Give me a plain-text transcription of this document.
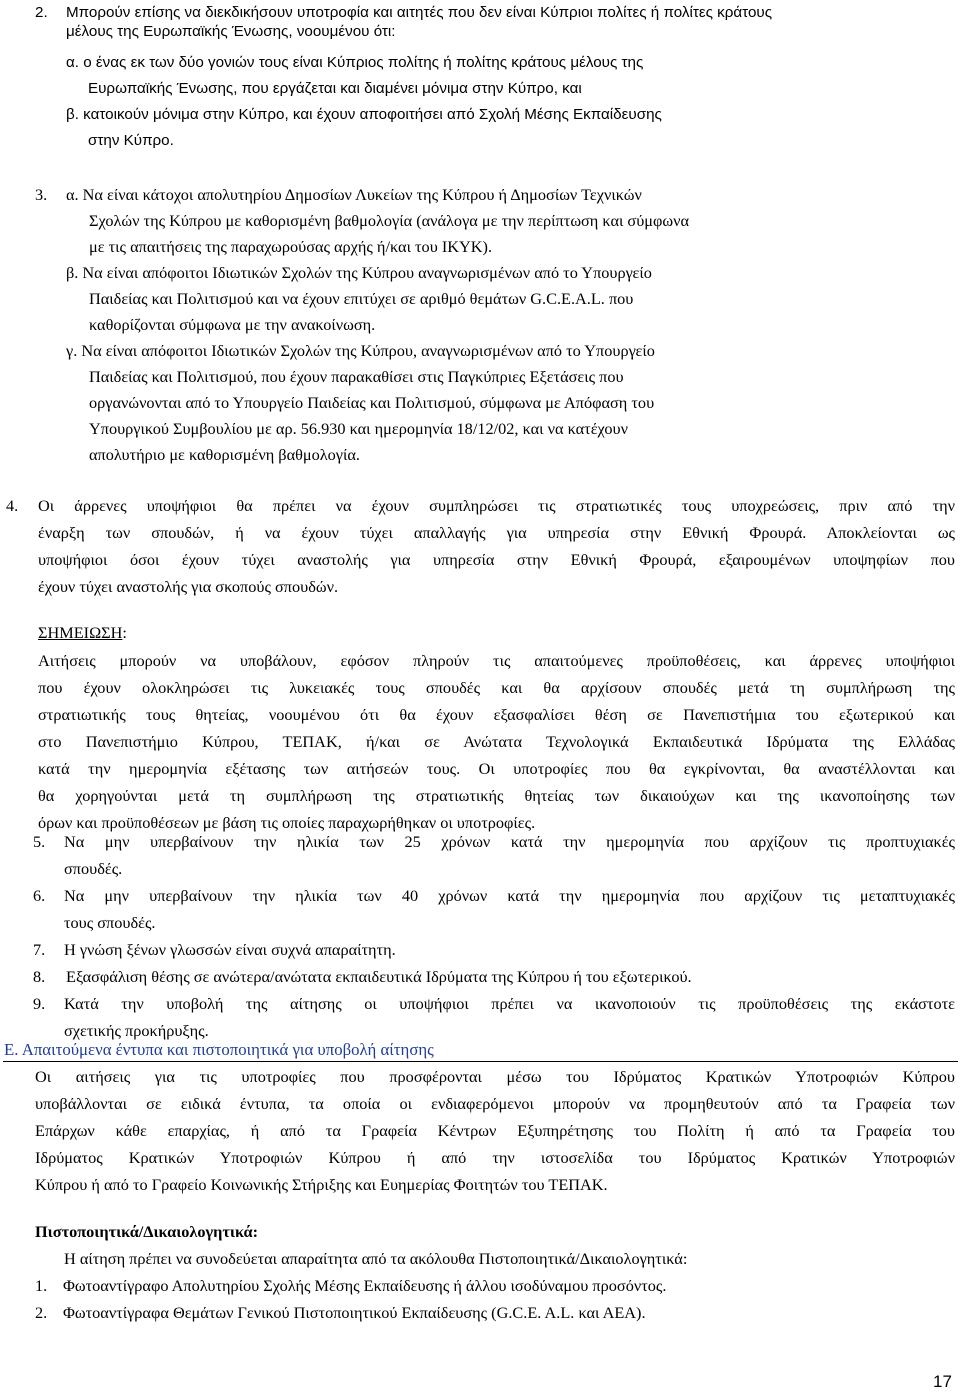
2. Μπορούν επίσης να διεκδικήσουν υποτροφία και αιτητές που δεν είναι Κύπριοι πολίτες ή πολίτες κράτους
μέλους της Ευρωπαϊκής Ένωσης, νοουμένου ότι:
α. ο ένας εκ των δύο γονιών τους είναι Κύπριος πολίτης ή πολίτης κράτους μέλους της
Ευρωπαϊκής Ένωσης, που εργάζεται και διαμένει μόνιμα στην Κύπρο, και
β. κατοικούν μόνιμα στην Κύπρο, και έχουν αποφοιτήσει από Σχολή Μέσης Εκπαίδευσης
στην Κύπρο.
3. α. Να είναι κάτοχοι απολυτηρίου Δημοσίων Λυκείων της Κύπρου ή Δημοσίων Τεχνικών
Σχολών της Κύπρου με καθορισμένη βαθμολογία (ανάλογα με την περίπτωση και σύμφωνα
με τις απαιτήσεις της παραχωρούσας αρχής ή/και του ΙΚΥΚ).
β. Να είναι απόφοιτοι Ιδιωτικών Σχολών της Κύπρου αναγνωρισμένων από το Υπουργείο
Παιδείας και Πολιτισμού και να έχουν επιτύχει σε αριθμό θεμάτων G.C.E.A.L. που
καθορίζονται σύμφωνα με την ανακοίνωση.
γ. Να είναι απόφοιτοι Ιδιωτικών Σχολών της Κύπρου, αναγνωρισμένων από το Υπουργείο
Παιδείας και Πολιτισμού, που έχουν παρακαθίσει στις Παγκύπριες Εξετάσεις που
οργανώνονται από το Υπουργείο Παιδείας και Πολιτισμού, σύμφωνα με Απόφαση του
Υπουργικού Συμβουλίου με αρ. 56.930 και ημερομηνία 18/12/02, και να κατέχουν
απολυτήριο με καθορισμένη βαθμολογία.
4. Οι άρρενες υποψήφιοι θα πρέπει να έχουν συμπληρώσει τις στρατιωτικές τους υποχρεώσεις, πριν από την
έναρξη των σπουδών, ή να έχουν τύχει απαλλαγής για υπηρεσία στην Εθνική Φρουρά. Αποκλείονται ως
υποψήφιοι όσοι έχουν τύχει αναστολής για υπηρεσία στην Εθνική Φρουρά, εξαιρουμένων υποψηφίων που
έχουν τύχει αναστολής για σκοπούς σπουδών.
ΣΗΜΕΙΩΣΗ:
Αιτήσεις μπορούν να υποβάλουν, εφόσον πληρούν τις απαιτούμενες προϋποθέσεις, και άρρενες υποψήφιοι
που έχουν ολοκληρώσει τις λυκειακές τους σπουδές και θα αρχίσουν σπουδές μετά τη συμπλήρωση της
στρατιωτικής τους θητείας, νοουμένου ότι θα έχουν εξασφαλίσει θέση σε Πανεπιστήμια του εξωτερικού και
στο Πανεπιστήμιο Κύπρου, ΤΕΠΑΚ, ή/και σε Ανώτατα Τεχνολογικά Εκπαιδευτικά Ιδρύματα της Ελλάδας
κατά την ημερομηνία εξέτασης των αιτήσεών τους. Οι υποτροφίες που θα εγκρίνονται, θα αναστέλλονται και
θα χορηγούνται μετά τη συμπλήρωση της στρατιωτικής θητείας των δικαιούχων και της ικανοποίησης των
5. Να μην υπερβαίνουν την ηλικία των 25 χρόνων κατά την ημερομηνία που αρχίζουν τις προπτυχιακές
σπουδές.
6. Να μην υπερβαίνουν την ηλικία των 40 χρόνων κατά την ημερομηνία που αρχίζουν τις μεταπτυχιακές
τους σπουδές.
7. Η γνώση ξένων γλωσσών είναι συχνά απαραίτητη.
8. Εξασφάλιση θέσης σε ανώτερα/ανώτατα εκπαιδευτικά Ιδρύματα της Κύπρου ή του εξωτερικού.
9. Κατά την υποβολή της αίτησης οι υποψήφιοι πρέπει να ικανοποιούν τις προϋποθέσεις της εκάστοτε
σχετικής προκήρυξης.
Ε. Απαιτούμενα έντυπα και πιστοποιητικά για υποβολή αίτησης
Οι αιτήσεις για τις υποτροφίες που προσφέρονται μέσω του Ιδρύματος Κρατικών Υποτροφιών Κύπρου
υποβάλλονται σε ειδικά έντυπα, τα οποία οι ενδιαφερόμενοι μπορούν να προμηθευτούν από τα Γραφεία των
Επάρχων κάθε επαρχίας, ή από τα Γραφεία Κέντρων Εξυπηρέτησης του Πολίτη ή από τα Γραφεία του
Ιδρύματος Κρατικών Υποτροφιών Κύπρου ή από την ιστοσελίδα του Ιδρύματος Κρατικών Υποτροφιών
Κύπρου ή από το Γραφείο Κοινωνικής Στήριξης και Ευημερίας Φοιτητών του ΤΕΠΑΚ.
Πιστοποιητικά/Δικαιολογητικά:
Η αίτηση πρέπει να συνοδεύεται απαραίτητα από τα ακόλουθα Πιστοποιητικά/Δικαιολογητικά:
1. Φωτοαντίγραφο Απολυτηρίου Σχολής Μέσης Εκπαίδευσης ή άλλου ισοδύναμου προσόντος.
2. Φωτοαντίγραφα Θεμάτων Γενικού Πιστοποιητικού Εκπαίδευσης (G.C.E. A.L. και ΑΕΑ).
17
όρων και προϋποθέσεων με βάση τις οποίες παραχωρήθηκαν οι υποτροφίες.
